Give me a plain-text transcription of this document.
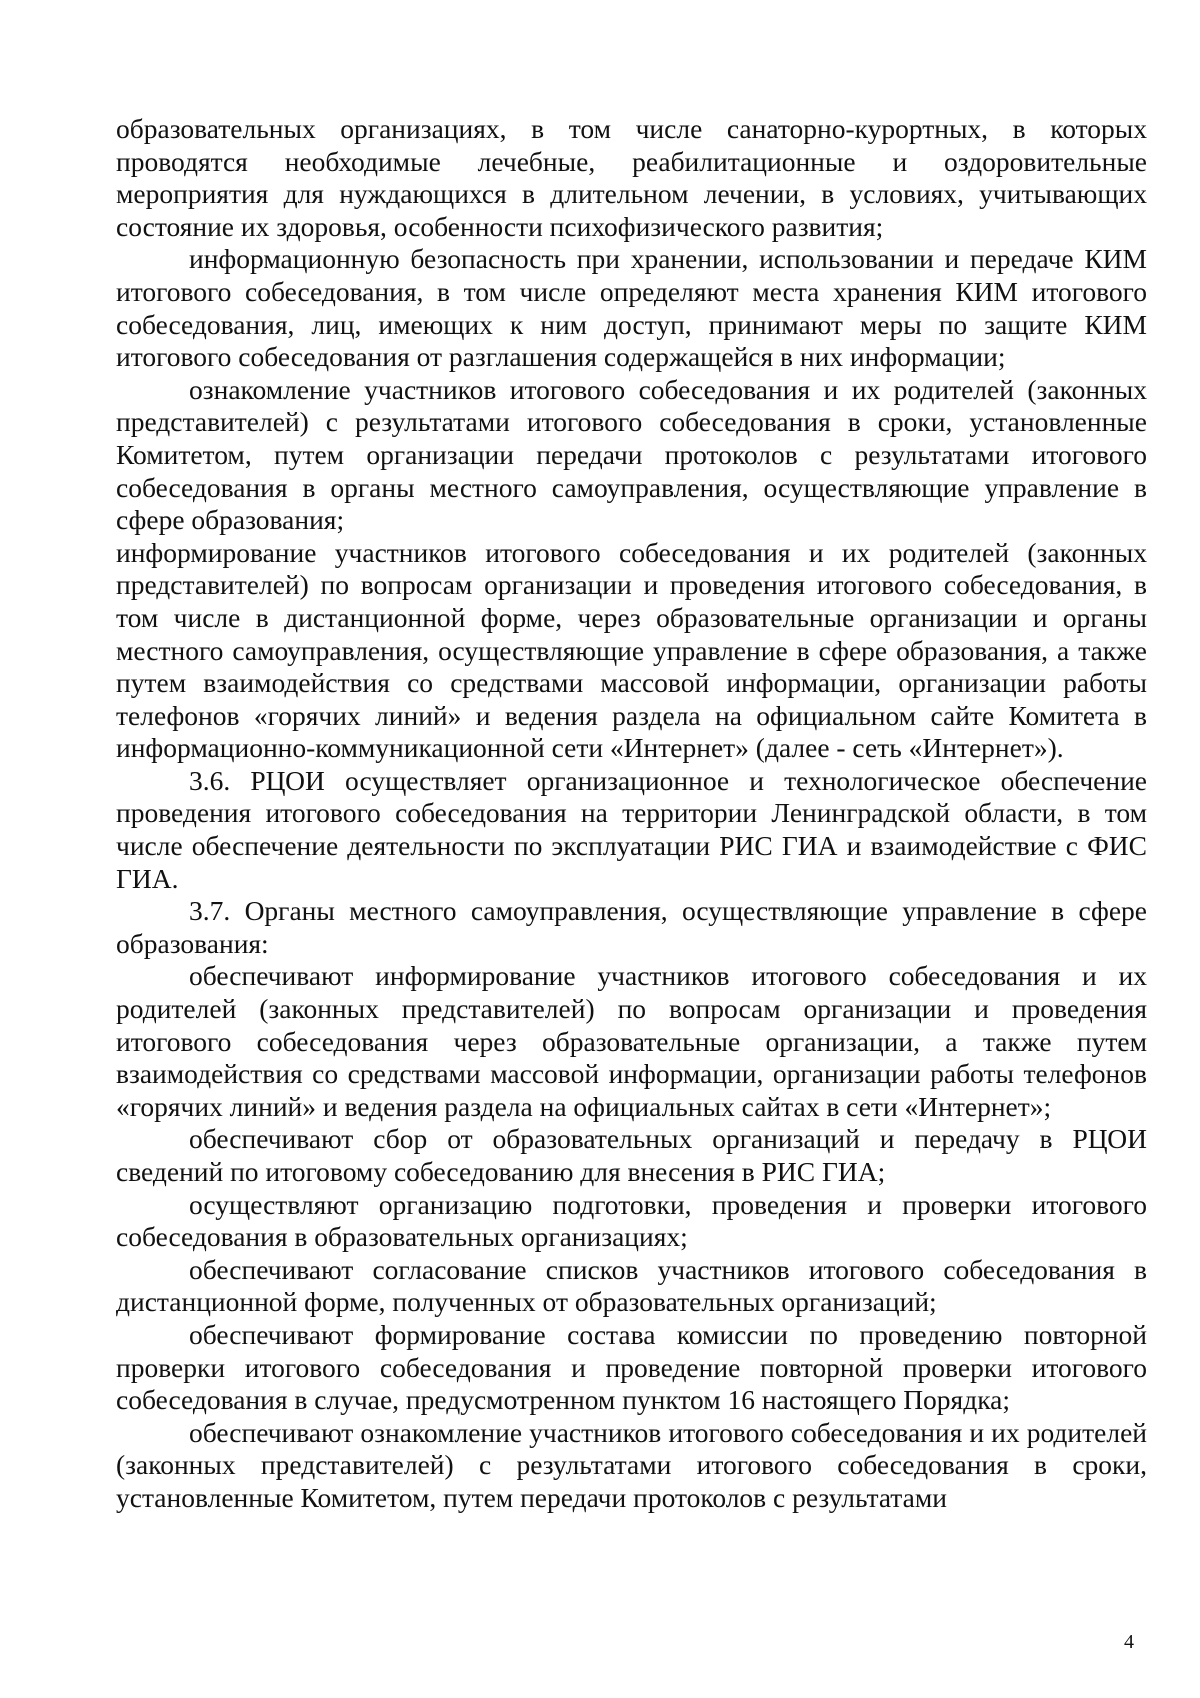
образовательных организациях, в том числе санаторно-курортных, в которых проводятся необходимые лечебные, реабилитационные и оздоровительные мероприятия для нуждающихся в длительном лечении, в условиях, учитывающих состояние их здоровья, особенности психофизического развития;

информационную безопасность при хранении, использовании и передаче КИМ итогового собеседования, в том числе определяют места хранения КИМ итогового собеседования, лиц, имеющих к ним доступ, принимают меры по защите КИМ итогового собеседования от разглашения содержащейся в них информации;

ознакомление участников итогового собеседования и их родителей (законных представителей) с результатами итогового собеседования в сроки, установленные Комитетом, путем организации передачи протоколов с результатами итогового собеседования в органы местного самоуправления, осуществляющие управление в сфере образования;

информирование участников итогового собеседования и их родителей (законных представителей) по вопросам организации и проведения итогового собеседования, в том числе в дистанционной форме, через образовательные организации и органы местного самоуправления, осуществляющие управление в сфере образования, а также путем взаимодействия со средствами массовой информации, организации работы телефонов «горячих линий» и ведения раздела на официальном сайте Комитета в информационно-коммуникационной сети «Интернет» (далее - сеть «Интернет»).

3.6. РЦОИ осуществляет организационное и технологическое обеспечение проведения итогового собеседования на территории Ленинградской области, в том числе обеспечение деятельности по эксплуатации РИС ГИА и взаимодействие с ФИС ГИА.

3.7. Органы местного самоуправления, осуществляющие управление в сфере образования:

обеспечивают информирование участников итогового собеседования и их родителей (законных представителей) по вопросам организации и проведения итогового собеседования через образовательные организации, а также путем взаимодействия со средствами массовой информации, организации работы телефонов «горячих линий» и ведения раздела на официальных сайтах в сети «Интернет»;

обеспечивают сбор от образовательных организаций и передачу в РЦОИ сведений по итоговому собеседованию для внесения в РИС ГИА;

осуществляют организацию подготовки, проведения и проверки итогового собеседования в образовательных организациях;

обеспечивают согласование списков участников итогового собеседования в дистанционной форме, полученных от образовательных организаций;

обеспечивают формирование состава комиссии по проведению повторной проверки итогового собеседования и проведение повторной проверки итогового собеседования в случае, предусмотренном пунктом 16 настоящего Порядка;

обеспечивают ознакомление участников итогового собеседования и их родителей (законных представителей) с результатами итогового собеседования в сроки, установленные Комитетом, путем передачи протоколов с результатами

4
